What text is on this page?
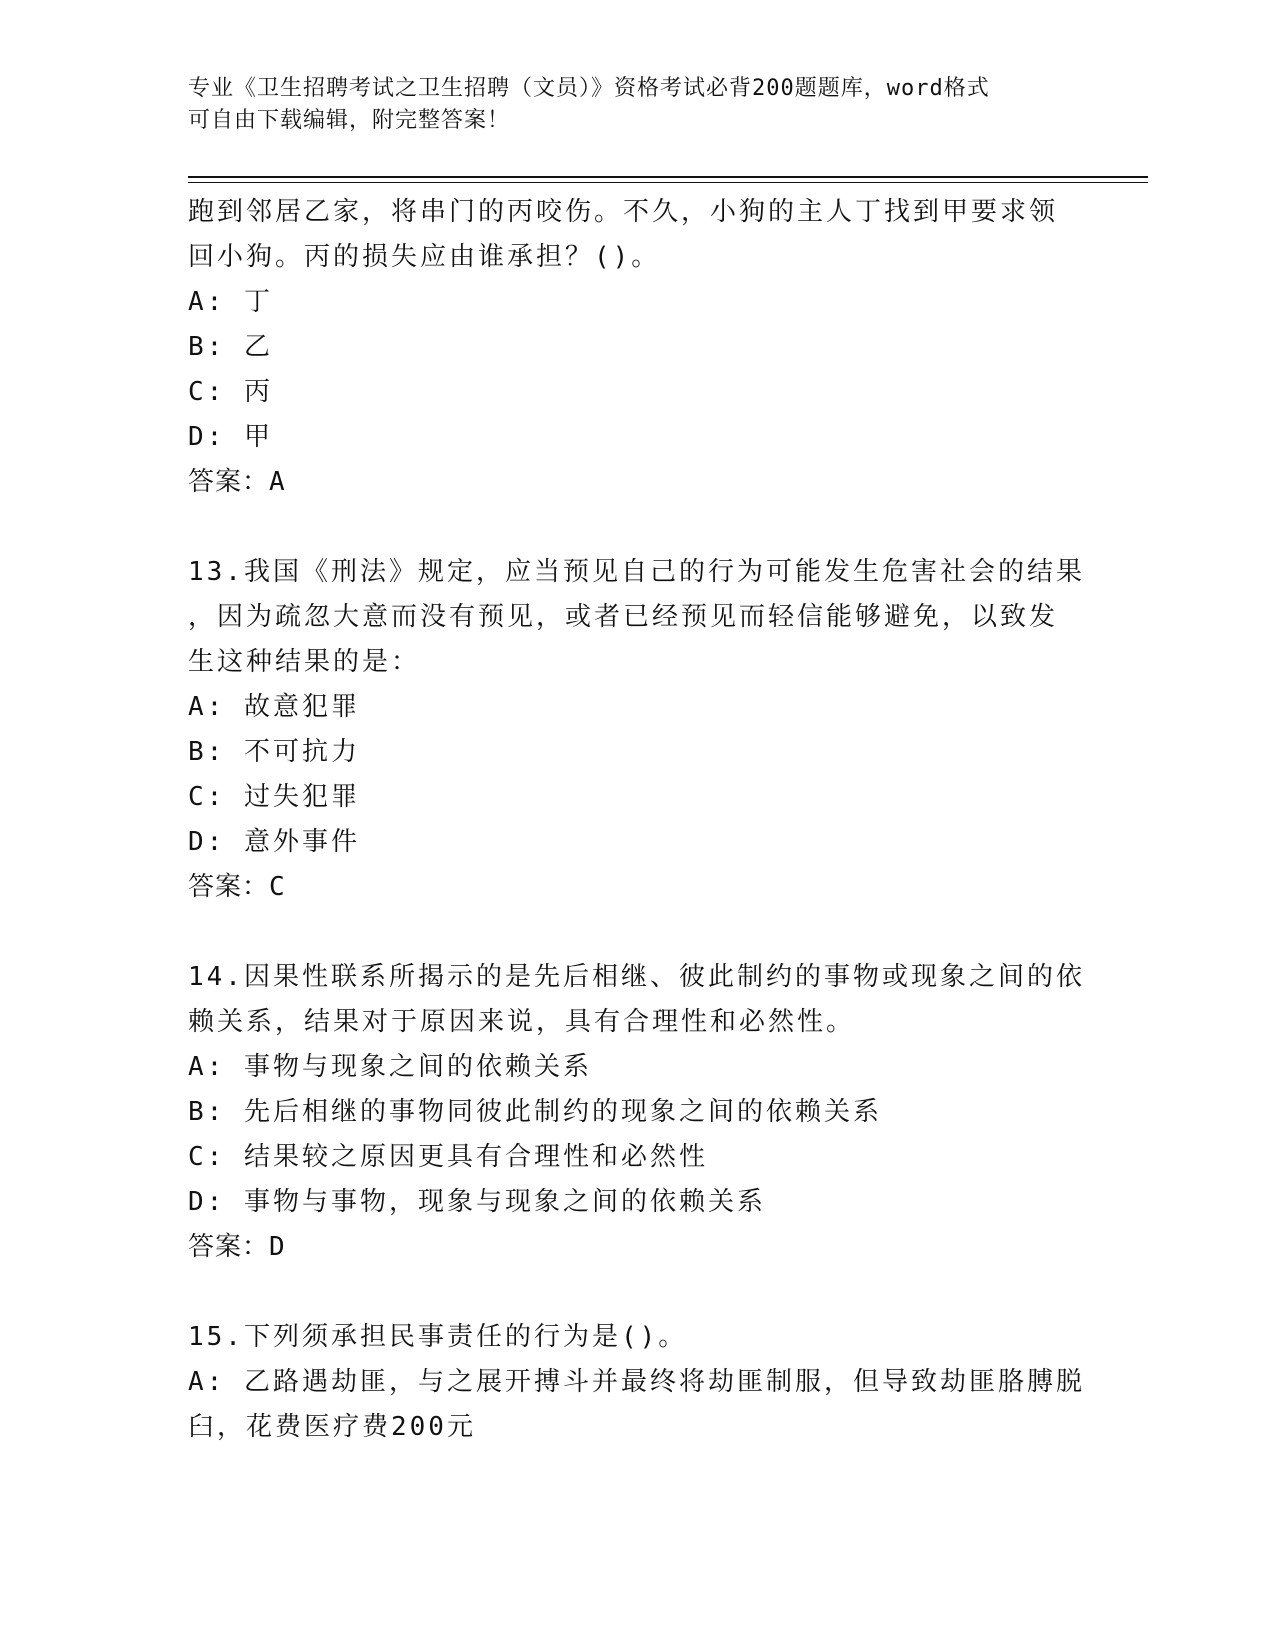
专业《卫生招聘考试之卫生招聘（文员）》资格考试必背200题题库，word格式
可自由下载编辑，附完整答案！
跑到邻居乙家，将串门的丙咬伤。不久，小狗的主人丁找到甲要求领
回小狗。丙的损失应由谁承担？()。
A: 丁
B: 乙
C: 丙
D: 甲
答案：A
13.我国《刑法》规定，应当预见自己的行为可能发生危害社会的结果
，因为疏忽大意而没有预见，或者已经预见而轻信能够避免，以致发
生这种结果的是：
A: 故意犯罪
B: 不可抗力
C: 过失犯罪
D: 意外事件
答案：C
14.因果性联系所揭示的是先后相继、彼此制约的事物或现象之间的依
赖关系，结果对于原因来说，具有合理性和必然性。
A: 事物与现象之间的依赖关系
B: 先后相继的事物同彼此制约的现象之间的依赖关系
C: 结果较之原因更具有合理性和必然性
D: 事物与事物，现象与现象之间的依赖关系
答案：D
15.下列须承担民事责任的行为是()。
A: 乙路遇劫匪，与之展开搏斗并最终将劫匪制服，但导致劫匪胳膊脱
臼，花费医疗费200元
